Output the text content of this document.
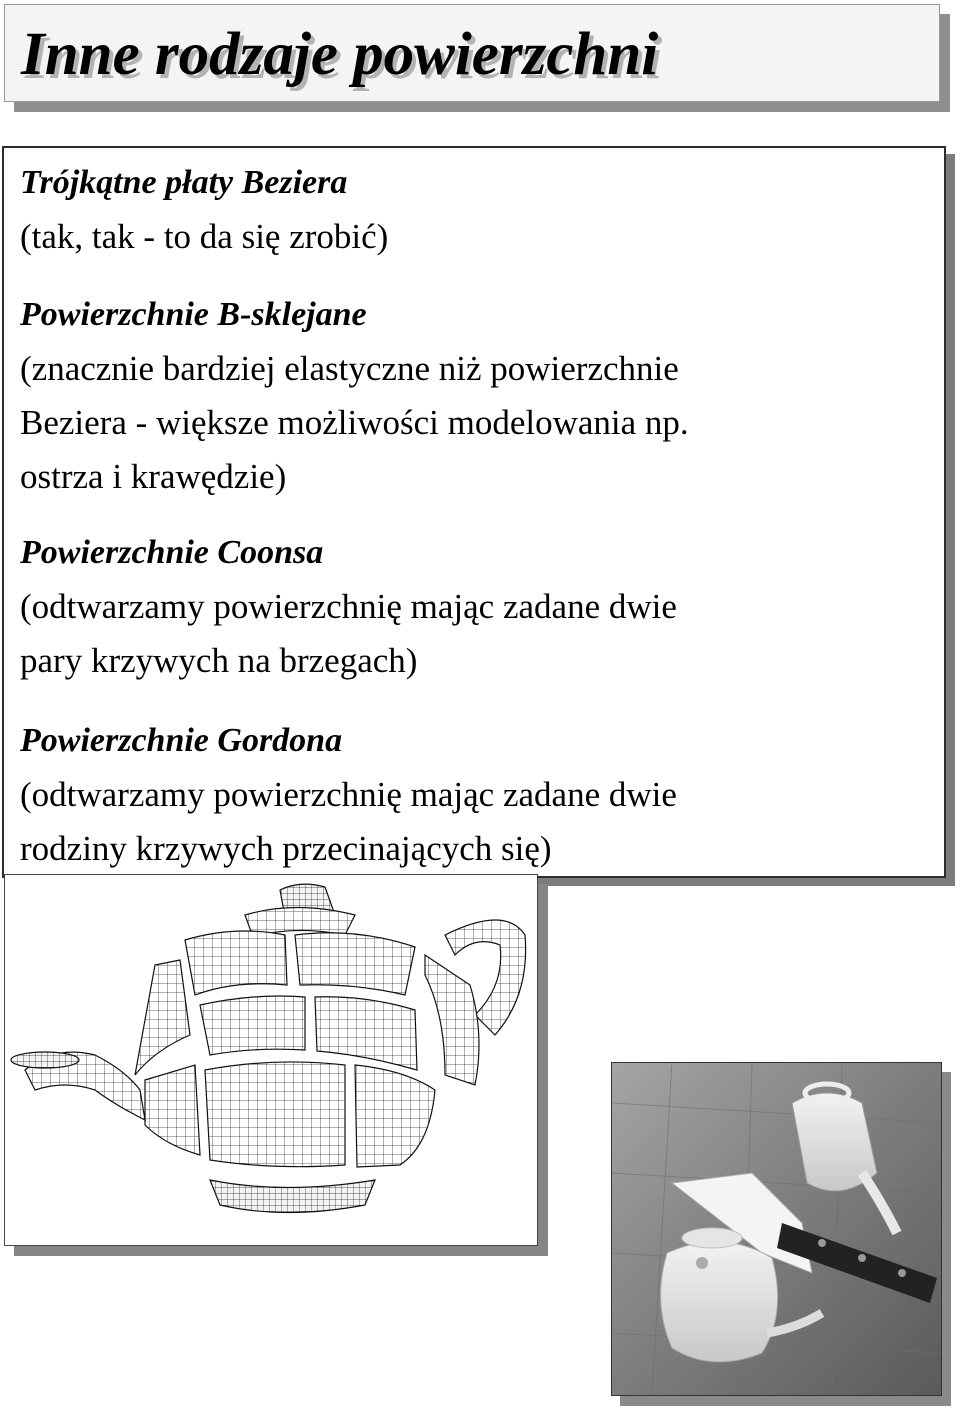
Inne rodzaje powierzchni
Trójkątne płaty Beziera
(tak, tak - to da się zrobić)
Powierzchnie B-sklejane
(znacznie bardziej elastyczne niż powierzchnie
Beziera - większe możliwości modelowania np.
ostrza i krawędzie)
Powierzchnie Coonsa
(odtwarzamy powierzchnię mając zadane dwie
pary krzywych na brzegach)
Powierzchnie Gordona
(odtwarzamy powierzchnię mając zadane dwie
rodziny krzywych przecinających się)
